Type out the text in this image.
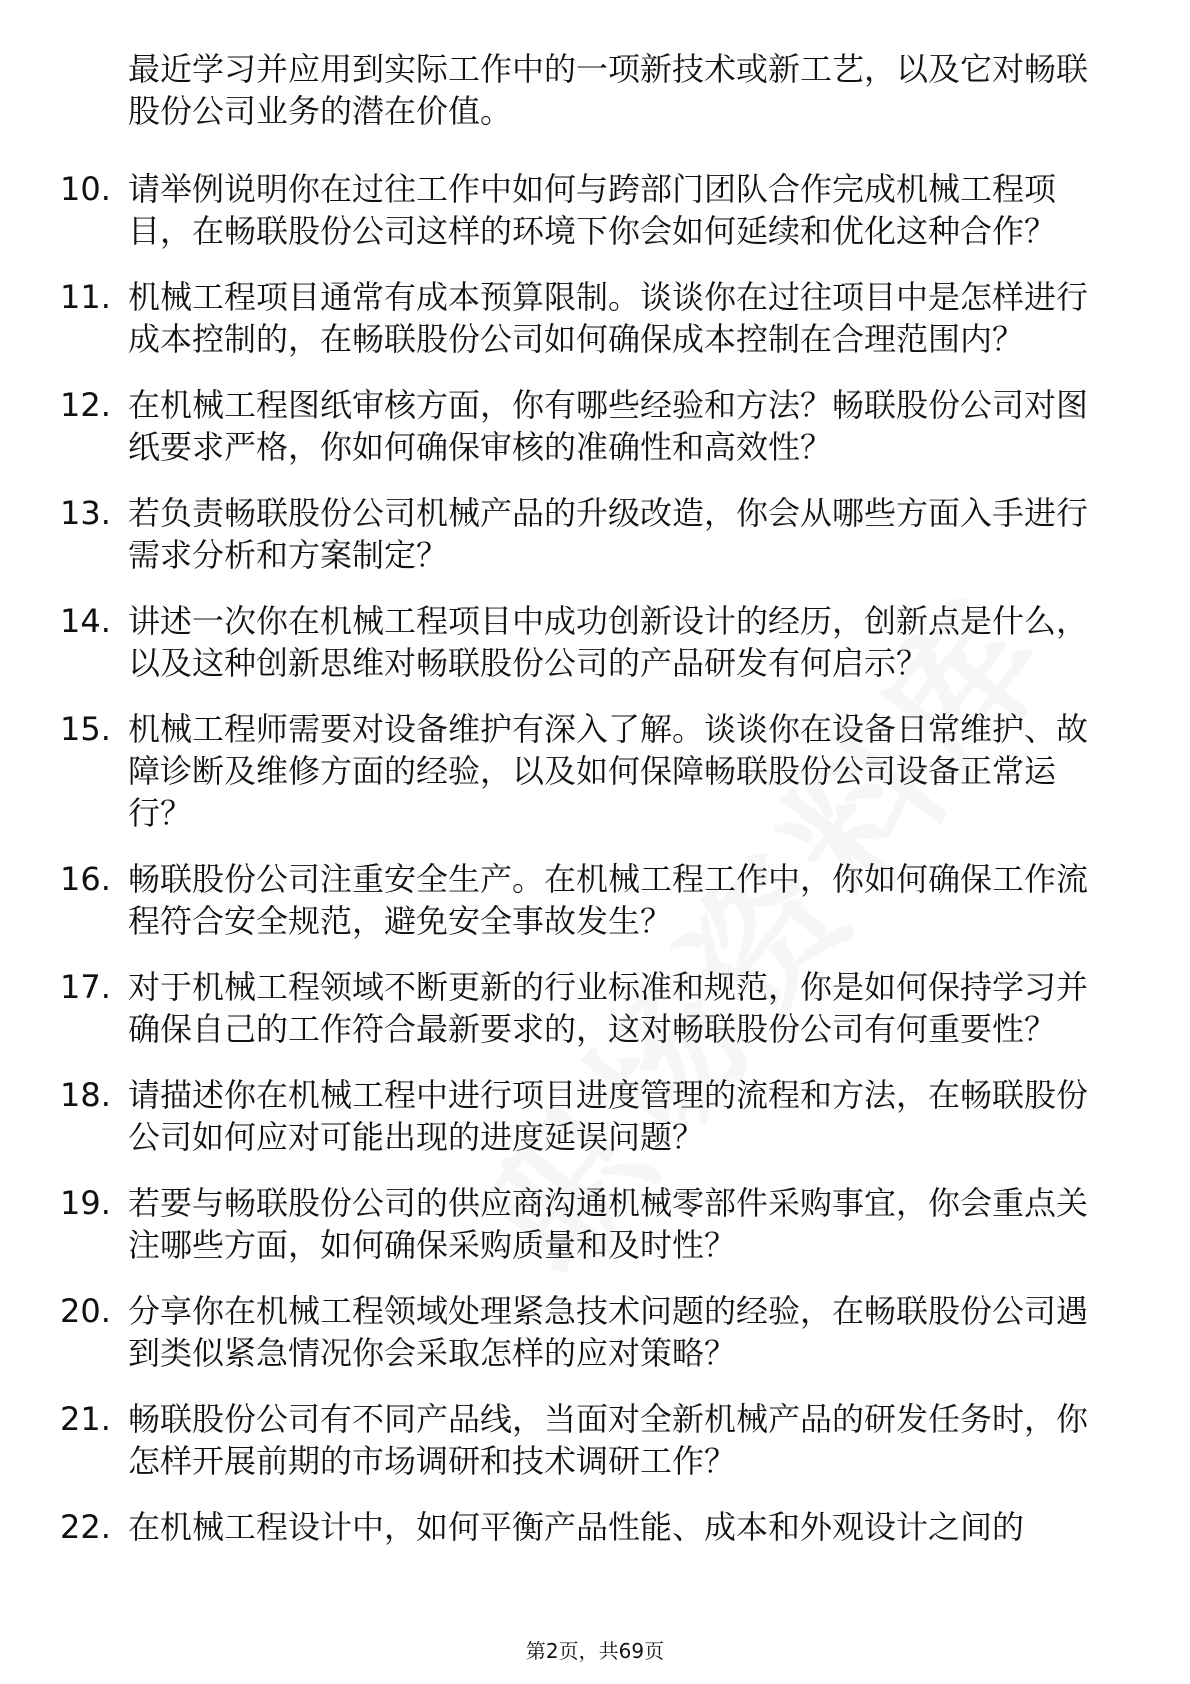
最近学习并应用到实际工作中的一项新技术或新工艺，以及它对畅联股份公司业务的潜在价值。
10. 请举例说明你在过往工作中如何与跨部门团队合作完成机械工程项目，在畅联股份公司这样的环境下你会如何延续和优化这种合作？
11. 机械工程项目通常有成本预算限制。谈谈你在过往项目中是怎样进行成本控制的，在畅联股份公司如何确保成本控制在合理范围内？
12. 在机械工程图纸审核方面，你有哪些经验和方法？畅联股份公司对图纸要求严格，你如何确保审核的准确性和高效性？
13. 若负责畅联股份公司机械产品的升级改造，你会从哪些方面入手进行需求分析和方案制定？
14. 讲述一次你在机械工程项目中成功创新设计的经历，创新点是什么，以及这种创新思维对畅联股份公司的产品研发有何启示？
15. 机械工程师需要对设备维护有深入了解。谈谈你在设备日常维护、故障诊断及维修方面的经验，以及如何保障畅联股份公司设备正常运行？
16. 畅联股份公司注重安全生产。在机械工程工作中，你如何确保工作流程符合安全规范，避免安全事故发生？
17. 对于机械工程领域不断更新的行业标准和规范，你是如何保持学习并确保自己的工作符合最新要求的，这对畅联股份公司有何重要性？
18. 请描述你在机械工程中进行项目进度管理的流程和方法，在畅联股份公司如何应对可能出现的进度延误问题？
19. 若要与畅联股份公司的供应商沟通机械零部件采购事宜，你会重点关注哪些方面，如何确保采购质量和及时性？
20. 分享你在机械工程领域处理紧急技术问题的经验，在畅联股份公司遇到类似紧急情况你会采取怎样的应对策略？
21. 畅联股份公司有不同产品线，当面对全新机械产品的研发任务时，你怎样开展前期的市场调研和技术调研工作？
22. 在机械工程设计中，如何平衡产品性能、成本和外观设计之间的
第2页，共69页
